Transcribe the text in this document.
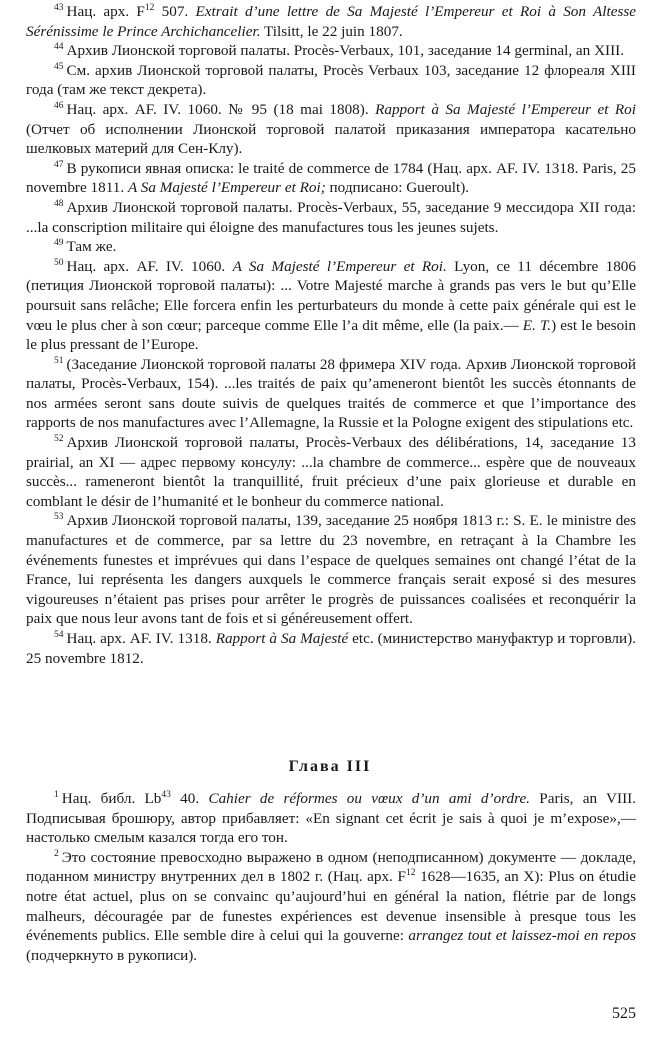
$^{43}$ Нац. арх. $F^{12}$ 507. Extrait d’une lettre de Sa Majesté l’Empereur et Roi à Son Altesse Sérénissime le Prince Archichancelier. Tilsitt, le 22 juin 1807.

$^{44}$ Архив Лионской торговой палаты. Procès-Verbaux, 101, заседание 14 germinal, an XIII.

$^{45}$ См. архив Лионской торговой палаты, Procès Verbaux 103, заседание 12 флореаля XIII года (там же текст декрета).

$^{46}$ Нац. арх. AF. IV. 1060. № 95 (18 mai 1808). Rapport à Sa Majesté l’Empereur et Roi (Отчет об исполнении Лионской торговой палатой приказания императора касательно шелковых материй для Сен-Клу).

$^{47}$ В рукописи явная описка: le traité de commerce de 1784 (Нац. арх. AF. IV. 1318. Paris, 25 novembre 1811. A Sa Majesté l’Empereur et Roi; подписано: Gueroult).

$^{48}$ Архив Лионской торговой палаты. Procès-Verbaux, 55, заседание 9 мессидора XII года: ...la conscription militaire qui éloigne des manufactures tous les jeunes sujets.

$^{49}$ Там же.

$^{50}$ Нац. арх. AF. IV. 1060. A Sa Majesté l’Empereur et Roi. Lyon, ce 11 décembre 1806 (петиция Лионской торговой палаты): ... Votre Majesté marche à grands pas vers le but qu’Elle poursuit sans relâche; Elle forcera enfin les perturbateurs du monde à cette paix générale qui est le vœu le plus cher à son cœur; parceque comme Elle l’a dit même, elle (la paix.— E. T.) est le besoin le plus pressant de l’Europe.

$^{51}$ (Заседание Лионской торговой палаты 28 фримера XIV года. Архив Лионской торговой палаты, Procès-Verbaux, 154). ...les traités de paix qu’ameneront bientôt les succès étonnants de nos armées seront sans doute suivis de quelques traités de commerce et que l’importance des rapports de nos manufactures avec l’Allemagne, la Russie et la Pologne exigent des stipulations etc.

$^{52}$ Архив Лионской торговой палаты, Procès-Verbaux des délibérations, 14, заседание 13 prairial, an XI — адрес первому консулу: ...la chambre de commerce... espère que de nouveaux succès... rameneront bientôt la tranquillité, fruit précieux d’une paix glorieuse et durable en comblant le désir de l’humanité et le bonheur du commerce national.

$^{53}$ Архив Лионской торговой палаты, 139, заседание 25 ноября 1813 г.: S. E. le ministre des manufactures et de commerce, par sa lettre du 23 novembre, en retraçant à la Chambre les événements funestes et imprévues qui dans l’espace de quelques semaines ont changé l’état de la France, lui représenta les dangers auxquels le commerce français serait exposé si des mesures vigoureuses n’étaient pas prises pour arrêter le progrès de puissances coalisées et reconquérir la paix que nous leur avons tant de fois et si généreusement offert.

$^{54}$ Нац. арх. AF. IV. 1318. Rapport à Sa Majesté etc. (министерство мануфактур и торговли). 25 novembre 1812.

Глава III

$^1$ Нац. библ. Lb$^{43}$ 40. Cahier de réformes ou vœux d’un ami d’ordre. Paris, an VIII. Подписывая брошюру, автор прибавляет: «En signant cet écrit je sais à quoi je m’expose»,— настолько смелым казался тогда его тон.

$^2$ Это состояние превосходно выражено в одном (неподписанном) документе — докладе, поданном министру внутренних дел в 1802 г. (Нац. арх. $F^{12}$ 1628—1635, an X): Plus on étudie notre état actuel, plus on se convainc qu’aujourd’hui en général la nation, flétrie par de longs malheurs, découragée par de funestes expériences est devenue insensible à presque tous les événements publics. Elle semble dire à celui qui la gouverne: arrangez tout et laissez-moi en repos (подчеркнуто в рукописи).

525
